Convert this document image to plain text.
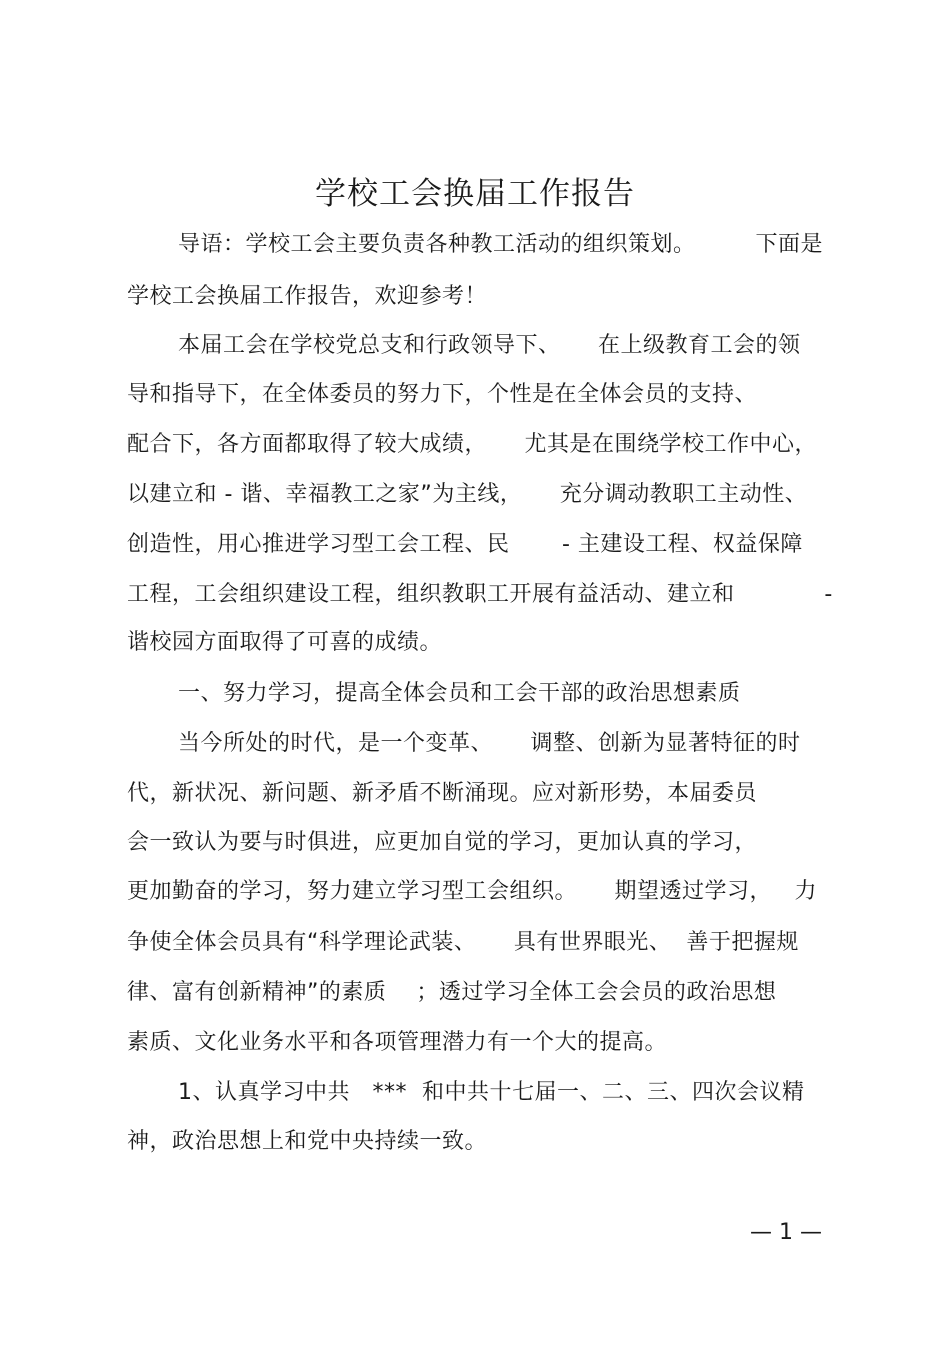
学校工会换届工作报告
导语：学校工会主要负责各种教工活动的组织策划。        下面是
学校工会换届工作报告，欢迎参考！
本届工会在学校党总支和行政领导下、     在上级教育工会的领
导和指导下，在全体委员的努力下，个性是在全体会员的支持、
配合下，各方面都取得了较大成绩，     尤其是在围绕学校工作中心，
以建立和 - 谐、幸福教工之家”为主线，     充分调动教职工主动性、
创造性，用心推进学习型工会工程、民       - 主建设工程、权益保障
工程，工会组织建设工程，组织教职工开展有益活动、建立和            -
谐校园方面取得了可喜的成绩。
一、努力学习，提高全体会员和工会干部的政治思想素质
当今所处的时代，是一个变革、     调整、创新为显著特征的时
代，新状况、新问题、新矛盾不断涌现。应对新形势，本届委员
会一致认为要与时俱进，应更加自觉的学习，更加认真的学习，
更加勤奋的学习，努力建立学习型工会组织。     期望透过学习，   力
争使全体会员具有“科学理论武装、     具有世界眼光、  善于把握规
律、富有创新精神”的素质    ；透过学习全体工会会员的政治思想
素质、文化业务水平和各项管理潜力有一个大的提高。
1、认真学习中共   ***  和中共十七届一、二、三、四次会议精
神，政治思想上和党中央持续一致。
— 1 —
